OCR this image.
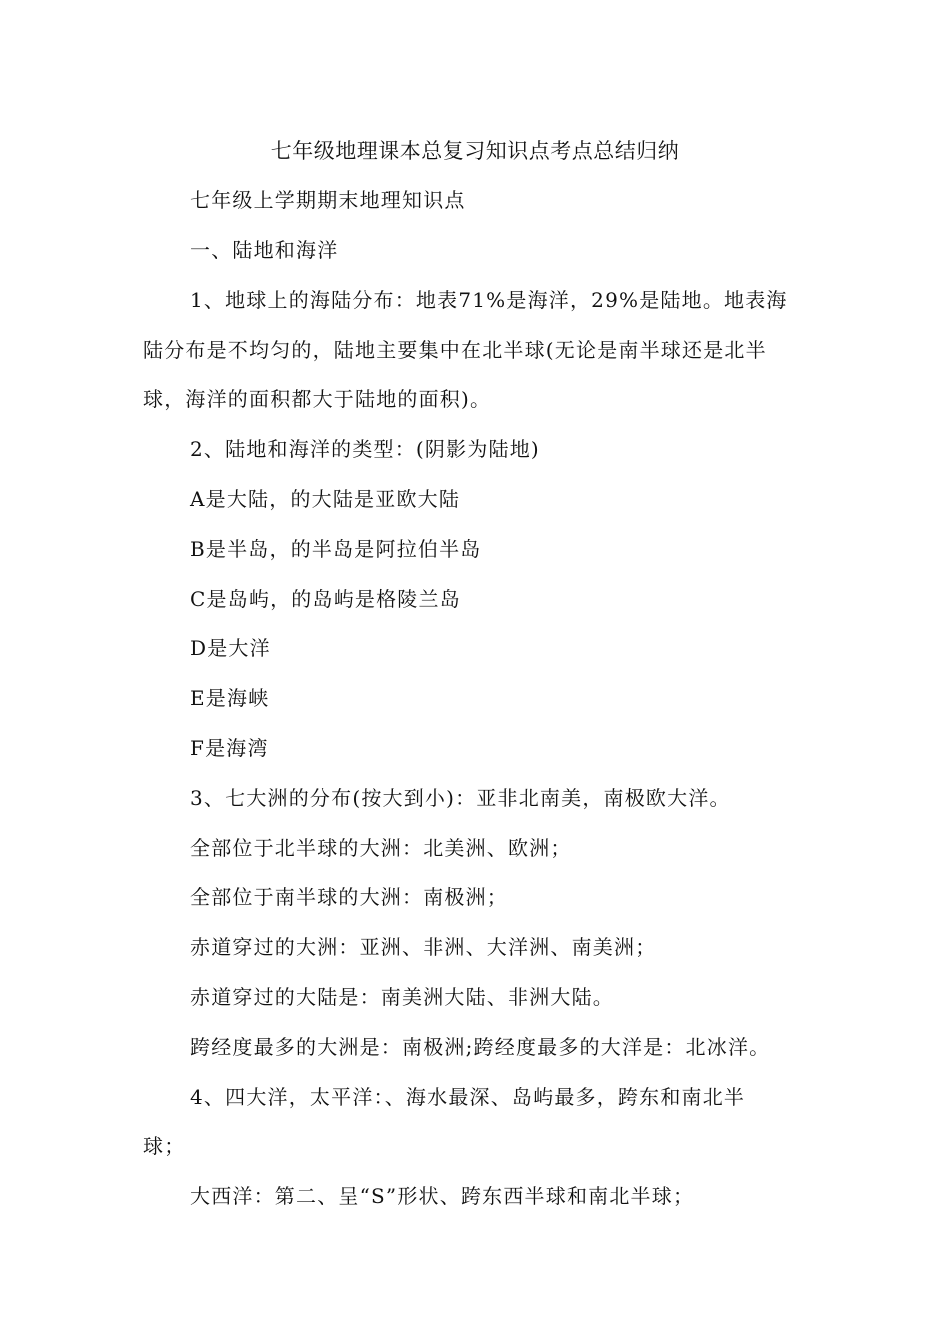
七年级地理课本总复习知识点考点总结归纳

七年级上学期期末地理知识点

一、陆地和海洋

1、地球上的海陆分布：地表71%是海洋，29%是陆地。地表海

陆分布是不均匀的，陆地主要集中在北半球(无论是南半球还是北半

球，海洋的面积都大于陆地的面积)。

2、陆地和海洋的类型：(阴影为陆地)

A是大陆，的大陆是亚欧大陆

B是半岛，的半岛是阿拉伯半岛

C是岛屿，的岛屿是格陵兰岛

D是大洋

E是海峡

F是海湾

3、七大洲的分布(按大到小)：亚非北南美，南极欧大洋。

全部位于北半球的大洲：北美洲、欧洲；

全部位于南半球的大洲：南极洲；

赤道穿过的大洲：亚洲、非洲、大洋洲、南美洲；

赤道穿过的大陆是：南美洲大陆、非洲大陆。

跨经度最多的大洲是：南极洲;跨经度最多的大洋是：北冰洋。

4、四大洋，太平洋：、海水最深、岛屿最多，跨东和南北半

球；

大西洋：第二、呈“S”形状、跨东西半球和南北半球；
